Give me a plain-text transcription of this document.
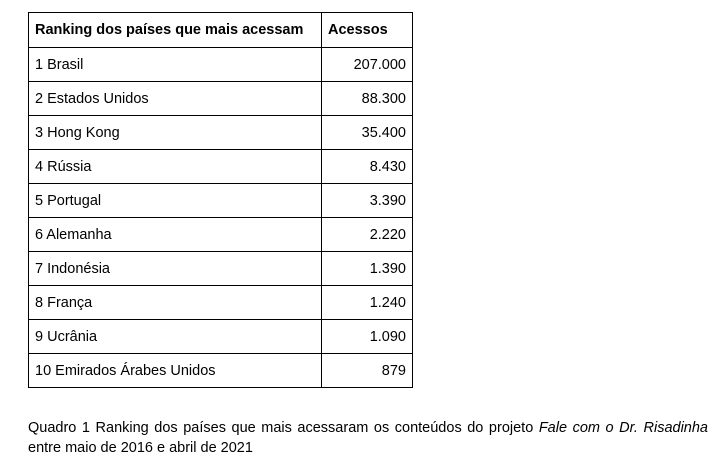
Ranking dos países que mais acessam	Acessos
1 Brasil	207.000
2 Estados Unidos	88.300
3 Hong Kong	35.400
4 Rússia	8.430
5 Portugal	3.390
6 Alemanha	2.220
7 Indonésia	1.390
8 França	1.240
9 Ucrânia	1.090
10 Emirados Árabes Unidos	879

Quadro 1 Ranking dos países que mais acessaram os conteúdos do projeto Fale com o Dr. Risadinha entre maio de 2016 e abril de 2021
